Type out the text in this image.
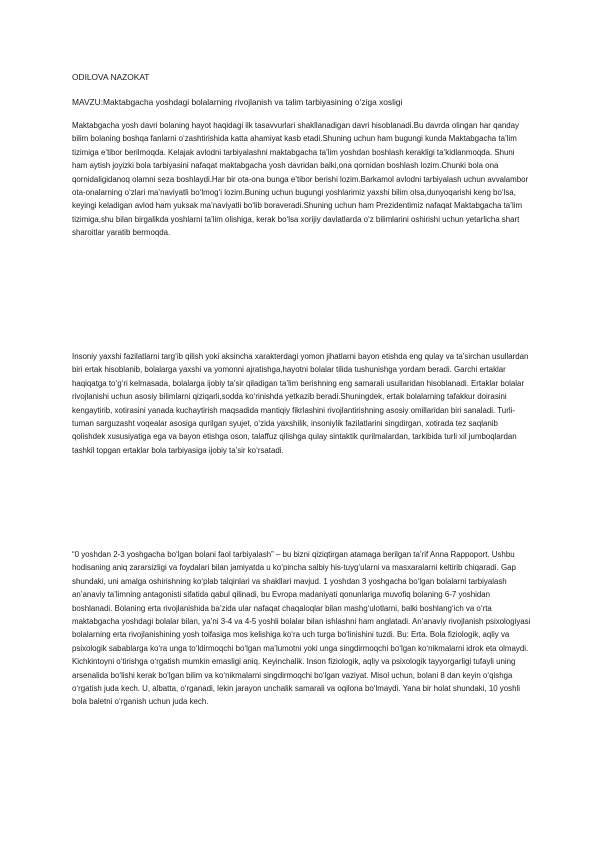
ODILOVA NAZOKAT
MAVZU:Maktabgacha yoshdagi bolalarning rivojlanish va talim tarbiyasining o‘ziga xosligi

Maktabgacha yosh davri bolaning hayot haqidagi ilk tasavvurlari shakllanadigan davri hisoblanadi.Bu davrda olingan har qanday bilim bolaning boshqa fanlarni o‘zashtirishida katta ahamiyat kasb etadi.Shuning uchun ham bugungi kunda Maktabgacha ta’lim tizimiga e’tibor berilmoqda. Kelajak avlodni tarbiyalashni maktabgacha ta’lim yoshdan boshlash kerakligi ta’kidlanmoqda. Shuni ham aytish joyizki bola tarbiyasini nafaqat maktabgacha yosh davridan balki,ona qornidan boshlash lozim.Chunki bola ona qornidaligidanoq olamni seza boshlaydi.Har bir ota-ona bunga e’tibor berishi lozim.Barkamol avlodni tarbiyalash uchun avvalambor ota-onalarning o‘zlari ma’naviyatli bo‘lmog‘i lozim.Buning uchun bugungi yoshlarimiz yaxshi bilim olsa,dunyoqarishi keng bo‘lsa, keyingi keladigan avlod ham yuksak ma’naviyatli bo‘lib boraveradi.Shuning uchun ham Prezidentimiz nafaqat Maktabgacha ta’lim tizimiga,shu bilan birgalikda yoshlarni ta’lim olishiga, kerak bo‘lsa xorijiy davlatlarda o‘z bilimlarini oshirishi uchun yetarlicha shart sharoitlar yaratib bermoqda.

Insoniy yaxshi fazilatlarni targ‘ib qilish yoki aksincha xarakterdagi yomon jihatlarni bayon etishda eng qulay va ta’sirchan usullardan biri ertak hisoblanib, bolalarga yaxshi va yomonni ajratishga,hayotni bolalar tilida tushunishga yordam beradi. Garchi ertaklar haqiqatga to‘g‘ri kelmasada, bolalarga ijobiy ta’sir qiladigan ta’lim berishning eng samarali usullaridan hisoblanadi. Ertaklar bolalar rivojlanishi uchun asosiy bilimlarni qiziqarli,sodda ko‘rinishda yetkazib beradi.Shuningdek, ertak bolalarning tafakkur doirasini kengaytirib, xotirasini yanada kuchaytirish maqsadida mantiqiy fikrlashini rivojlantirishning asosiy omillaridan biri sanaladi. Turli-tuman sarguzasht voqealar asosiga qurilgan syujet, o‘zida yaxshilik, insoniylik fazilatlarini singdirgan, xotirada tez saqlanib qolishdek xususiyatiga ega va bayon etishga oson, talaffuz qilishga qulay sintaktik qurilmalardan, tarkibida turli xil jumboqlardan tashkil topgan ertaklar bola tarbiyasiga ijobiy ta’sir ko‘rsatadi.

“0 yoshdan 2-3 yoshgacha bo‘lgan bolani faol tarbiyalash” – bu bizni qiziqtirgan atamaga berilgan ta’rif Anna Rappoport. Ushbu hodisaning aniq zararsizligi va foydalari bilan jamiyatda u ko‘pincha salbiy his-tuyg‘ularni va masxaralarni keltirib chiqaradi. Gap shundaki, uni amalga oshirishning ko‘plab talqinlari va shakllari mavjud. 1 yoshdan 3 yoshgacha bo‘lgan bolalarni tarbiyalash an’anaviy ta’limning antagonisti sifatida qabul qilinadi, bu Evropa madaniyati qonunlariga muvofiq bolaning 6-7 yoshidan boshlanadi. Bolaning erta rivojlanishida ba’zida ular nafaqat chaqaloqlar bilan mashg‘ulotlarni, balki boshlang‘ich va o‘rta maktabgacha yoshdagi bolalar bilan, ya’ni 3-4 va 4-5 yoshli bolalar bilan ishlashni ham anglatadi. An’anaviy rivojlanish psixologiyasi bolalarning erta rivojlanishining yosh toifasiga mos kelishiga ko‘ra uch turga bo‘linishini tuzdi. Bu: Erta. Bola fiziologik, aqliy va psixologik sabablarga ko‘ra unga to‘ldirmoqchi bo‘lgan ma’lumotni yoki unga singdirmoqchi bo‘lgan ko‘nikmalarni idrok eta olmaydi. Kichkintoyni o‘tirishga o‘rgatish mumkin emasligi aniq. Keyinchalik. Inson fiziologik, aqliy va psixologik tayyorgarligi tufayli uning arsenalida bo‘lishi kerak bo‘lgan bilim va ko‘nikmalarni singdirmoqchi bo‘lgan vaziyat. Misol uchun, bolani 8 dan keyin o‘qishga o‘rgatish juda kech. U, albatta, o‘rganadi, lekin jarayon unchalik samarali va oqilona bo‘lmaydi. Yana bir holat shundaki, 10 yoshli bola baletni o‘rganish uchun juda kech.
